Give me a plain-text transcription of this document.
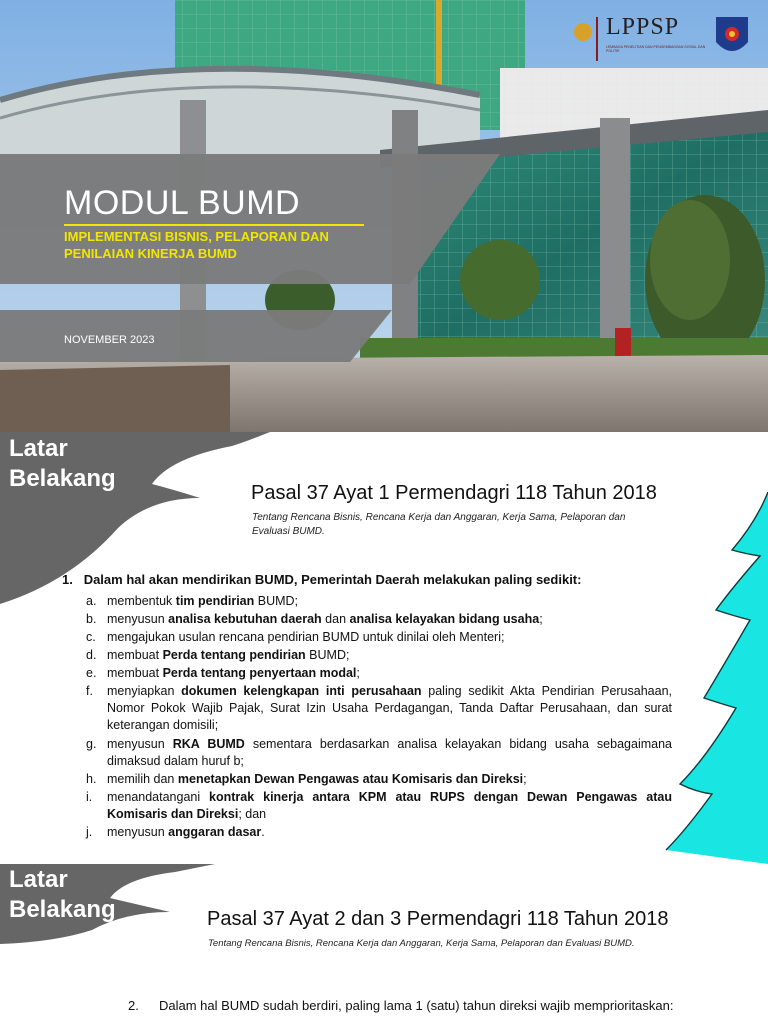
MODUL BUMD
IMPLEMENTASI BISNIS, PELAPORAN DAN PENILAIAN KINERJA BUMD
NOVEMBER 2023
LPPSP
LEMBAGA PENELITIAN DAN PENGEMBANGAN SOSIAL DAN POLITIK
Latar
Belakang
Pasal 37 Ayat 1 Permendagri 118 Tahun 2018
Tentang Rencana Bisnis, Rencana Kerja dan Anggaran, Kerja Sama, Pelaporan dan Evaluasi BUMD.
1. Dalam hal akan mendirikan BUMD, Pemerintah Daerah melakukan paling sedikit:
a. membentuk tim pendirian BUMD;
b. menyusun analisa kebutuhan daerah dan analisa kelayakan bidang usaha;
c. mengajukan usulan rencana pendirian BUMD untuk dinilai oleh Menteri;
d. membuat Perda tentang pendirian BUMD;
e. membuat Perda tentang penyertaan modal;
f. menyiapkan dokumen kelengkapan inti perusahaan paling sedikit Akta Pendirian Perusahaan, Nomor Pokok Wajib Pajak, Surat Izin Usaha Perdagangan, Tanda Daftar Perusahaan, dan surat keterangan domisili;
g. menyusun RKA BUMD sementara berdasarkan analisa kelayakan bidang usaha sebagaimana dimaksud dalam huruf b;
h. memilih dan menetapkan Dewan Pengawas atau Komisaris dan Direksi;
i. menandatangani kontrak kinerja antara KPM atau RUPS dengan Dewan Pengawas atau Komisaris dan Direksi; dan
j. menyusun anggaran dasar.
Latar
Belakang	Pasal 37 Ayat 2 dan 3 Permendagri 118 Tahun 2018
Tentang Rencana Bisnis, Rencana Kerja dan Anggaran, Kerja Sama, Pelaporan dan Evaluasi BUMD.
2.	Dalam hal BUMD sudah berdiri, paling lama 1 (satu) tahun direksi wajib memprioritaskan:
